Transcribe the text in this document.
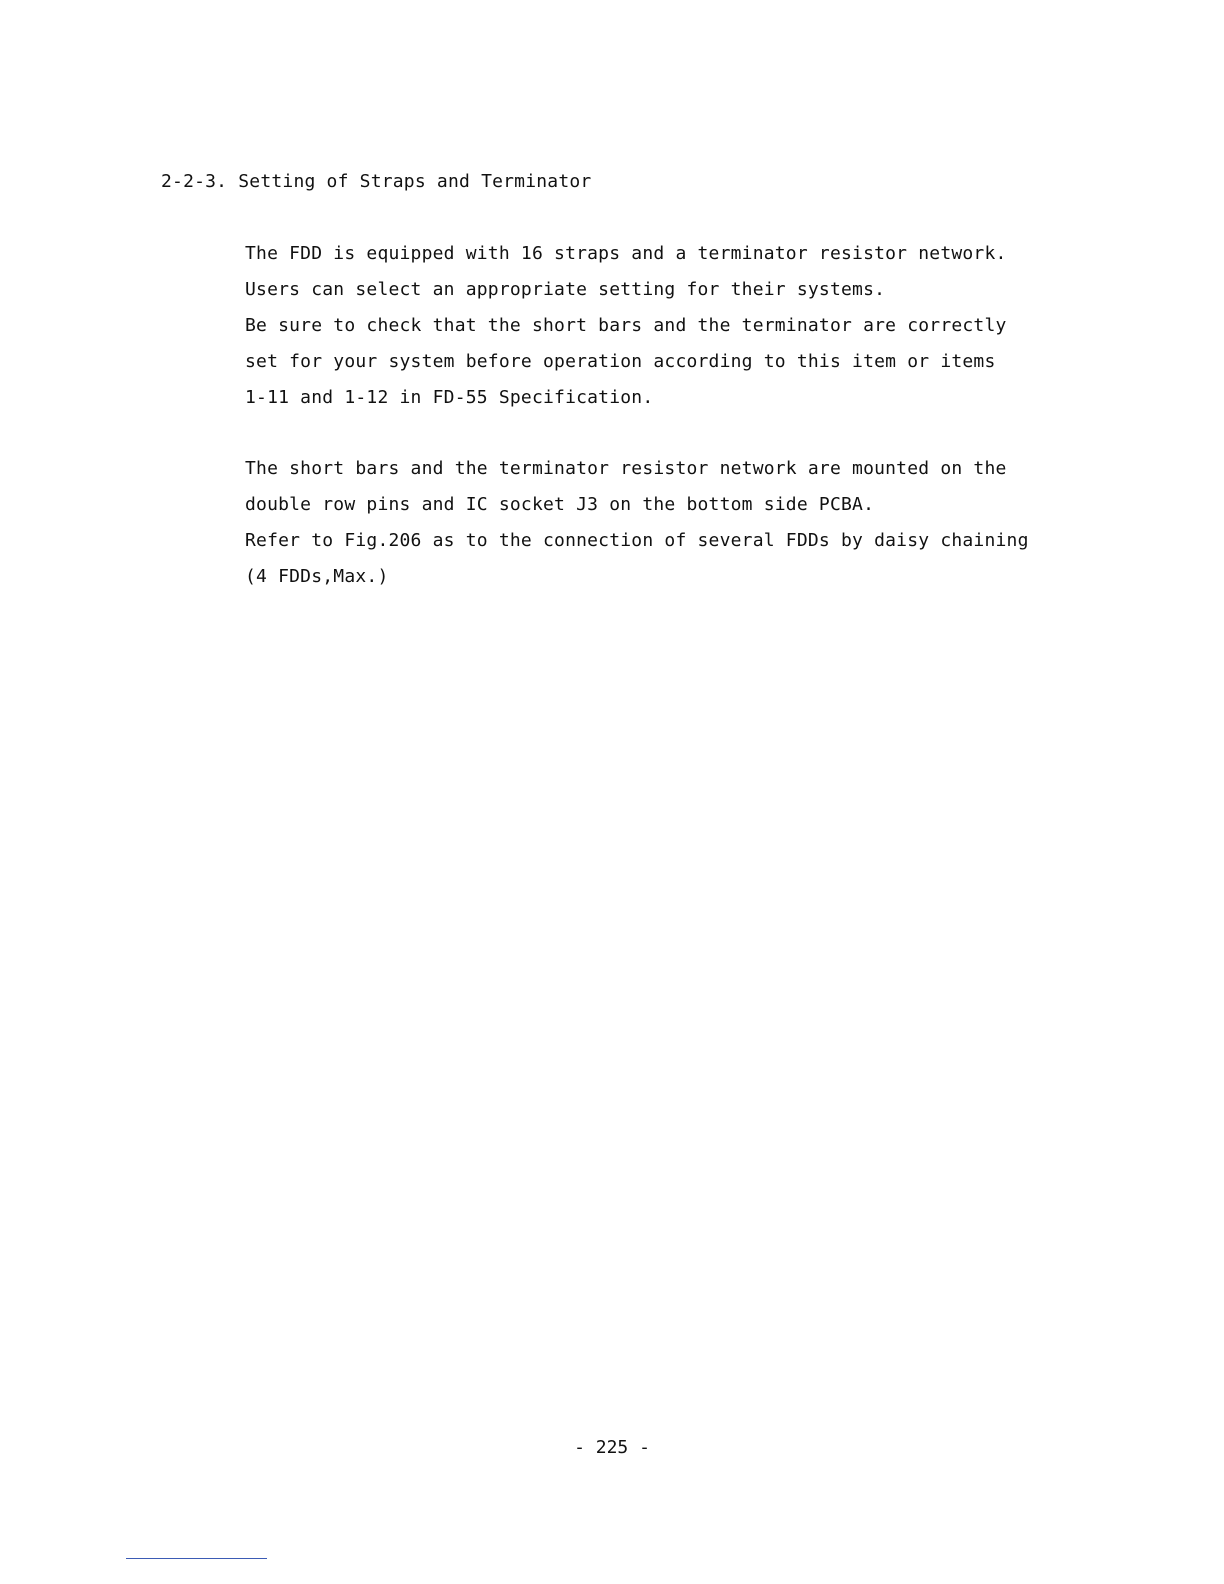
2-2-3. Setting of Straps and Terminator

The FDD is equipped with 16 straps and a terminator resistor network.
Users can select an appropriate setting for their systems.
Be sure to check that the short bars and the terminator are correctly
set for your system before operation according to this item or items
1-11 and 1-12 in FD-55 Specification.

The short bars and the terminator resistor network are mounted on the
double row pins and IC socket J3 on the bottom side PCBA.
Refer to Fig.206 as to the connection of several FDDs by daisy chaining
(4 FDDs,Max.)

- 225 -
